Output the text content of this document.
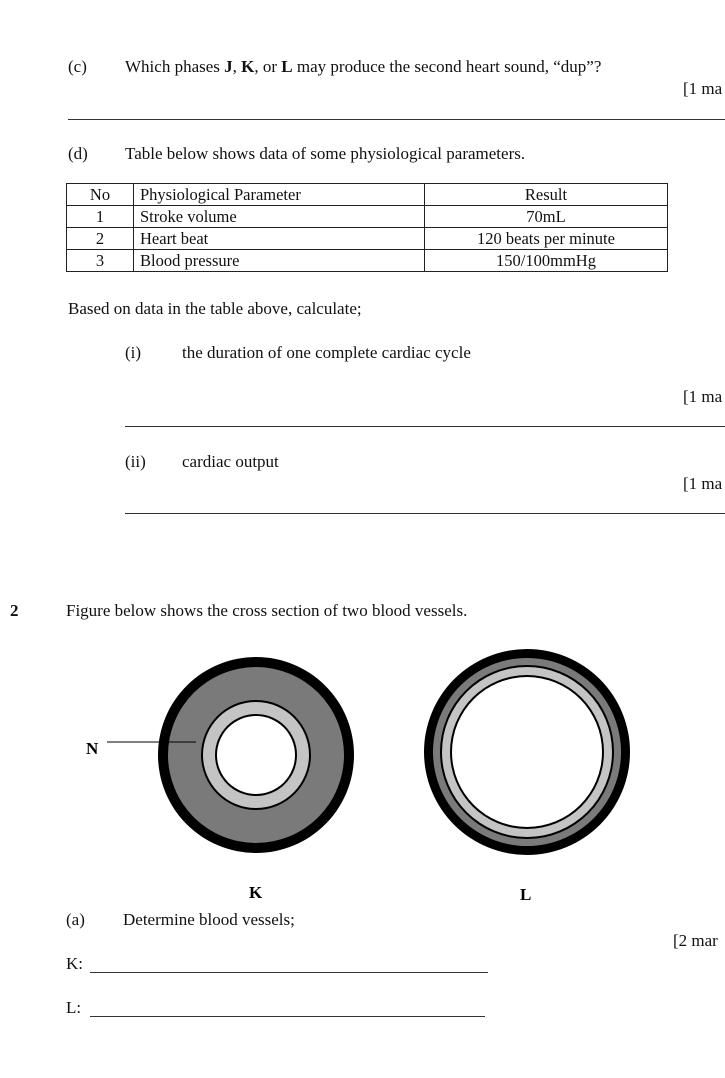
(c) Which phases J, K, or L may produce the second heart sound, “dup”?
[1 ma
(d) Table below shows data of some physiological parameters.
No	Physiological Parameter	Result
1	Stroke volume	70mL
2	Heart beat	120 beats per minute
3	Blood pressure	150/100mmHg
Based on data in the table above, calculate;
(i) the duration of one complete cardiac cycle
[1 ma
(ii) cardiac output
[1 ma
2	Figure below shows the cross section of two blood vessels.
N
K	L
(a) Determine blood vessels;
[2 mar
K:
L:
